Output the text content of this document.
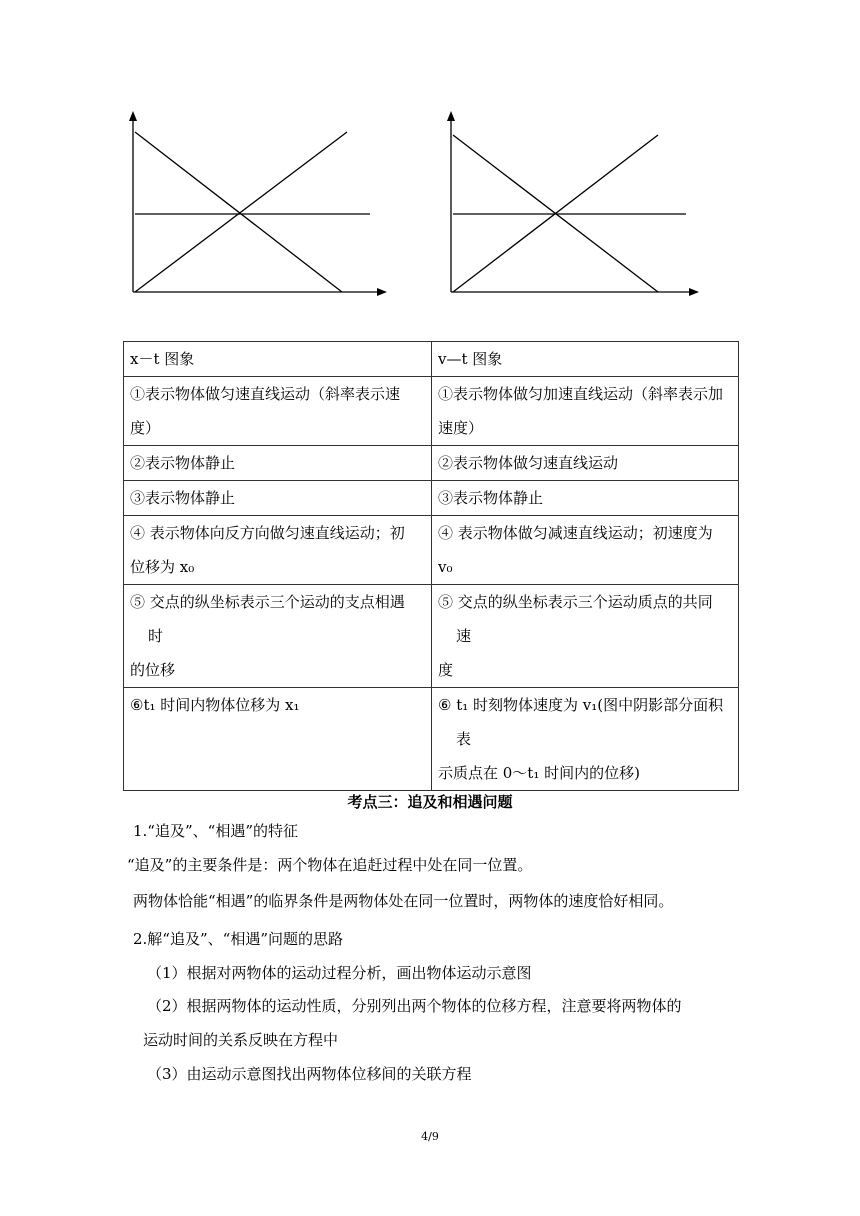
x－t 图象	v—t 图象

①表示物体做匀速直线运动（斜率表示速
度）	①表示物体做匀加速直线运动（斜率表示加
速度）

②表示物体静止	②表示物体做匀速直线运动

③表示物体静止	③表示物体静止

④ 表示物体向反方向做匀速直线运动；初
位移为 x₀	④ 表示物体做匀减速直线运动；初速度为
v₀

⑤ 交点的纵坐标表示三个运动的支点相遇
时
的位移	⑤ 交点的纵坐标表示三个运动质点的共同
速
度

⑥t₁ 时间内物体位移为 x₁	⑥ t₁ 时刻物体速度为 v₁(图中阴影部分面积
表
示质点在 0～t₁ 时间内的位移)
考点三：追及和相遇问题
1.“追及”、“相遇”的特征
“追及”的主要条件是：两个物体在追赶过程中处在同一位置。
两物体恰能“相遇”的临界条件是两物体处在同一位置时，两物体的速度恰好相同。
2.解“追及”、“相遇”问题的思路
（1）根据对两物体的运动过程分析，画出物体运动示意图
（2）根据两物体的运动性质，分别列出两个物体的位移方程，注意要将两物体的
运动时间的关系反映在方程中
（3）由运动示意图找出两物体位移间的关联方程
4/9
